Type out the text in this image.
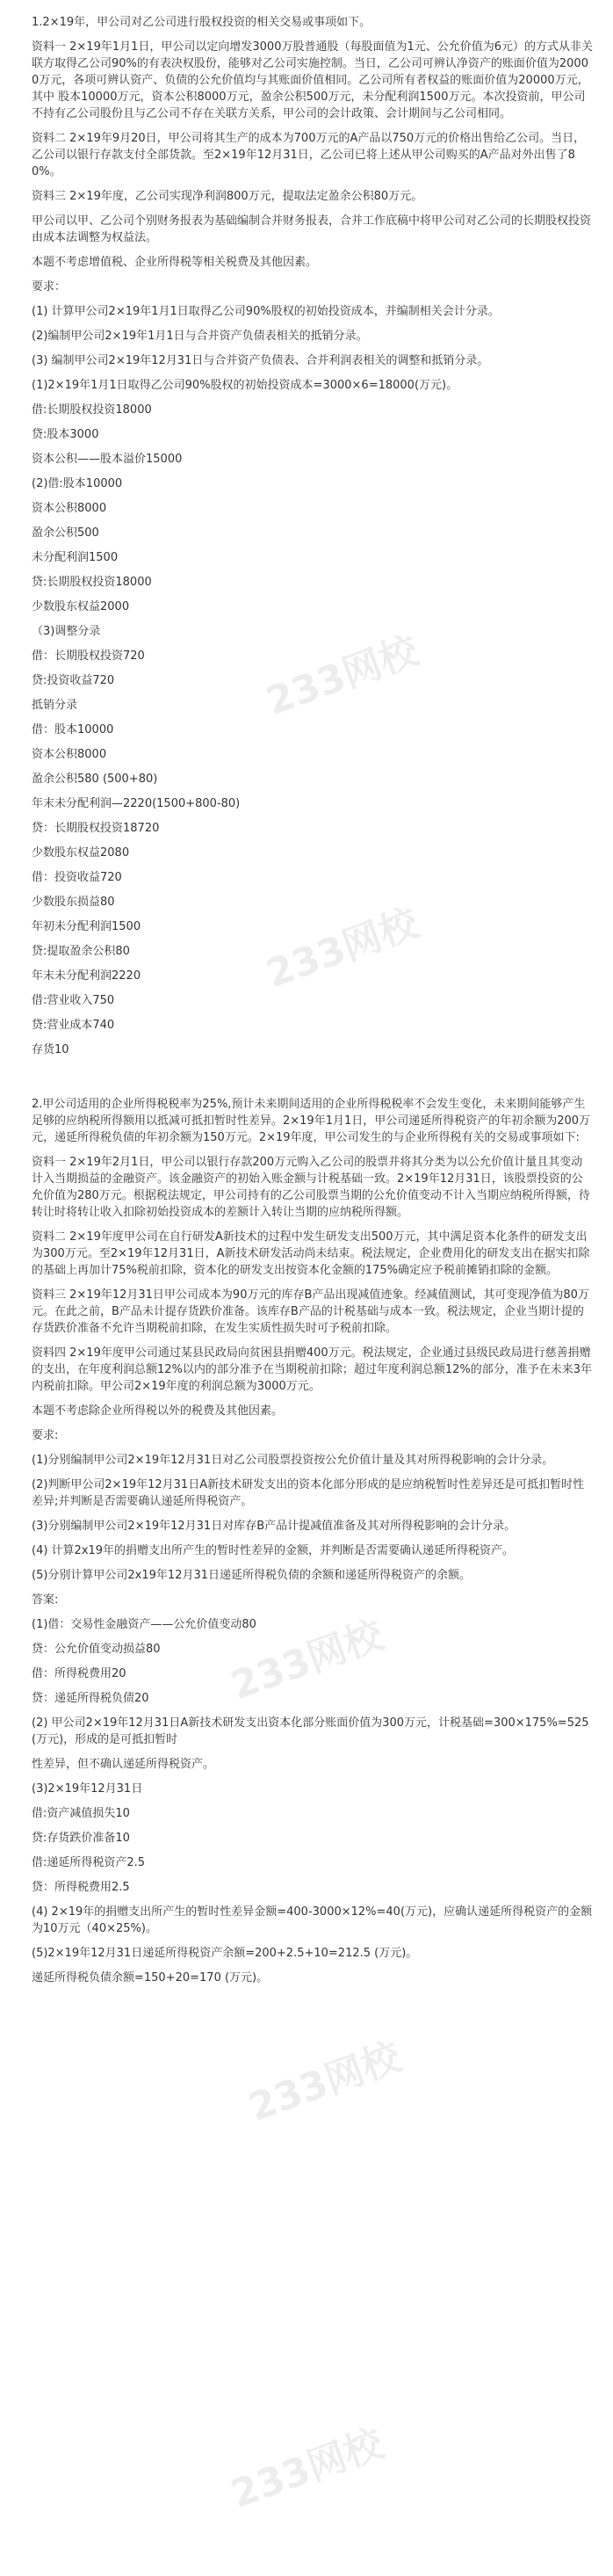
1.2×19年，甲公司对乙公司进行股权投资的相关交易或事项如下。

资料一 2×19年1月1日，甲公司以定向增发3000万股普通股（每股面值为1元、公允价值为6元）的方式从非关联方取得乙公司90%的有表决权股份，能够对乙公司实施控制。当日，乙公司可辨认净资产的账面价值为20000万元，各项可辨认资产、负债的公允价值均与其账面价值相同。乙公司所有者权益的账面价值为20000万元，其中 股本10000万元，资本公积8000万元，盈余公积500万元，未分配利润1500万元。本次投资前，甲公司不持有乙公司股份且与乙公司不存在关联方关系，甲公司的会计政策、会计期间与乙公司相同。

资料二 2×19年9月20日，甲公司将其生产的成本为700万元的A产品以750万元的价格出售给乙公司。当日，乙公司以银行存款支付全部货款。至2×19年12月31日，乙公司已将上述从甲公司购买的A产品对外出售了80%。

资料三 2×19年度，乙公司实现净利润800万元，提取法定盈余公积80万元。

甲公司以甲、乙公司个别财务报表为基础编制合并财务报表，合并工作底稿中将甲公司对乙公司的长期股权投资由成本法调整为权益法。

本题不考虑增值税、企业所得税等相关税费及其他因素。

要求：

(1) 计算甲公司2×19年1月1日取得乙公司90%股权的初始投资成本，并编制相关会计分录。

(2)编制甲公司2×19年1月1日与合并资产负债表相关的抵销分录。

(3) 编制甲公司2×19年12月31日与合并资产负债表、合并利润表相关的调整和抵销分录。

(1)2×19年1月1日取得乙公司90%股权的初始投资成本=3000×6=18000(万元)。

借:长期股权投资18000

贷:股本3000

资本公积——股本溢价15000

(2)借:股本10000

资本公积8000

盈余公积500

未分配利润1500

贷:长期股权投资18000

少数股东权益2000

（3)调整分录

借：长期股权投资720

贷:投资收益720

抵销分录

借：股本10000

资本公积8000

盈余公积580 (500+80)

年末未分配利润—2220(1500+800-80)

贷：长期股权投资18720

少数股东权益2080

借：投资收益720

少数股东损益80

年初未分配利润1500

贷:提取盈余公积80

年末未分配利润2220

借:营业收入750

贷:营业成本740

存货10

2.甲公司适用的企业所得税税率为25%,预计未来期间适用的企业所得税税率不会发生变化，未来期间能够产生足够的应纳税所得额用以抵减可抵扣暂时性差异。2×19年1月1日，甲公司递延所得税资产的年初余额为200万元，递延所得税负债的年初余额为150万元。2×19年度，甲公司发生的与企业所得税有关的交易或事项如下:

资料一 2×19年2月1日，甲公司以银行存款200万元购入乙公司的股票并将其分类为以公允价值计量且其变动计入当期损益的金融资产。该金融资产的初始入账金额与计税基础一致。2×19年12月31日，该股票投资的公允价值为280万元。根据税法规定，甲公司持有的乙公司股票当期的公允价值变动不计入当期应纳税所得额，待转让时将转让收入扣除初始投资成本的差额计入转让当期的应纳税所得额。

资料二 2×19年度甲公司在自行研发A新技术的过程中发生研发支出500万元，其中满足资本化条件的研发支出为300万元。至2×19年12月31日，A新技术研发活动尚未结束。税法规定，企业费用化的研发支出在据实扣除的基础上再加计75%税前扣除，资本化的研发支出按资本化金额的175%确定应予税前摊销扣除的金额。

资料三 2×19年12月31日甲公司成本为90万元的库存B产品出现减值迹象。经减值测试，其可变现净值为80万元。在此之前，B产品未计提存货跌价准备。该库存B产品的计税基础与成本一致。税法规定，企业当期计提的存货跌价准备不允许当期税前扣除，在发生实质性损失时可予税前扣除。

资料四 2×19年度甲公司通过某县民政局向贫困县捐赠400万元。税法规定，企业通过县级民政局进行慈善捐赠的支出，在年度利润总额12%以内的部分准予在当期税前扣除；超过年度利润总额12%的部分，准予在未来3年内税前扣除。甲公司2×19年度的利润总额为3000万元。

本题不考虑除企业所得税以外的税费及其他因素。

要求:

(1)分别编制甲公司2×19年12月31日对乙公司股票投资按公允价值计量及其对所得税影响的会计分录。

(2)判断甲公司2×19年12月31日A新技术研发支出的资本化部分形成的是应纳税暂时性差异还是可抵扣暂时性差异;并判断是否需要确认递延所得税资产。

(3)分别编制甲公司2×19年12月31日对库存B产品计提减值准备及其对所得税影响的会计分录。

(4) 计算2x19年的捐赠支出所产生的暂时性差异的金额，并判断是否需要确认递延所得税资产。

(5)分别计算甲公司2x19年12月31日递延所得税负债的余额和递延所得税资产的余额。

答案:

(1)借：交易性金融资产——公允价值变动80

贷：公允价值变动损益80

借：所得税费用20

贷：递延所得税负债20

(2) 甲公司2×19年12月31日A新技术研发支出资本化部分账面价值为300万元，计税基础=300×175%=525(万元)，形成的是可抵扣暂时

性差异，但不确认递延所得税资产。

(3)2×19年12月31日

借:资产减值损失10

贷:存货跌价准备10

借:递延所得税资产2.5

贷：所得税费用2.5

(4) 2×19年的捐赠支出所产生的暂时性差异金额=400-3000×12%=40(万元)，应确认递延所得税资产的金额为10万元（40×25%)。

(5)2×19年12月31日递延所得税资产余额=200+2.5+10=212.5 (万元)。

递延所得税负债余额=150+20=170 (万元)。

233网校
233网校
233网校
233网校
233网校
